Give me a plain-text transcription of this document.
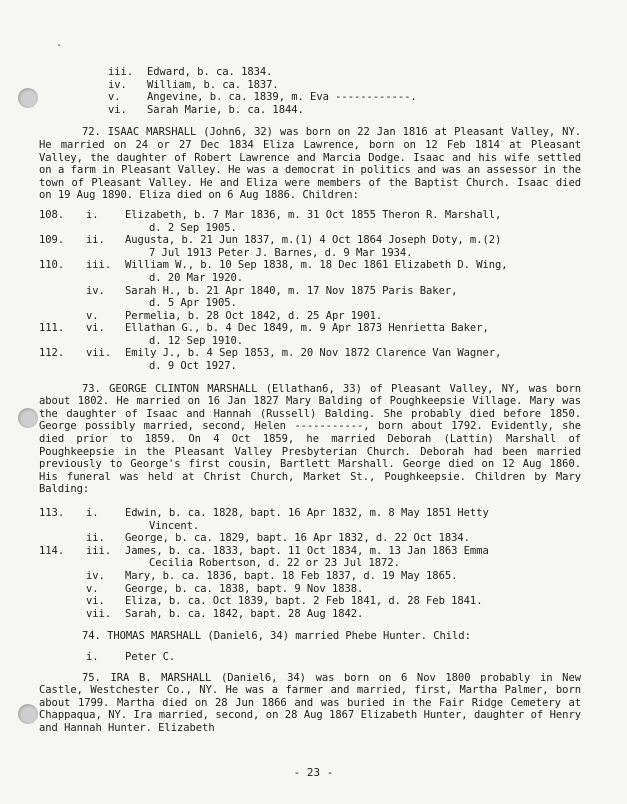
iii.	Edward, b. ca. 1834.
iv.	William, b. ca. 1837.
v.	Angevine, b. ca. 1839, m. Eva ------------.
vi.	Sarah Marie, b. ca. 1844.

72. ISAAC MARSHALL (John6, 32) was born on 22 Jan 1816 at Pleasant Valley, NY. He married on 24 or 27 Dec 1834 Eliza Lawrence, born on 12 Feb 1814 at Pleasant Valley, the daughter of Robert Lawrence and Marcia Dodge. Isaac and his wife settled on a farm in Pleasant Valley. He was a democrat in politics and was an assessor in the town of Pleasant Valley. He and Eliza were members of the Baptist Church. Isaac died on 19 Aug 1890. Eliza died on 6 Aug 1886. Children:

108.	i.	Elizabeth, b. 7 Mar 1836, m. 31 Oct 1855 Theron R. Marshall,
d. 2 Sep 1905.
109.	ii.	Augusta, b. 21 Jun 1837, m.(1) 4 Oct 1864 Joseph Doty, m.(2)
7 Jul 1913 Peter J. Barnes, d. 9 Mar 1934.
110.	iii.	William W., b. 10 Sep 1838, m. 18 Dec 1861 Elizabeth D. Wing,
d. 20 Mar 1920.
iv.	Sarah H., b. 21 Apr 1840, m. 17 Nov 1875 Paris Baker,
d. 5 Apr 1905.
v.	Permelia, b. 28 Oct 1842, d. 25 Apr 1901.
111.	vi.	Ellathan G., b. 4 Dec 1849, m. 9 Apr 1873 Henrietta Baker,
d. 12 Sep 1910.
112.	vii.	Emily J., b. 4 Sep 1853, m. 20 Nov 1872 Clarence Van Wagner,
d. 9 Oct 1927.

73. GEORGE CLINTON MARSHALL (Ellathan6, 33) of Pleasant Valley, NY, was born about 1802. He married on 16 Jan 1827 Mary Balding of Poughkeepsie Village. Mary was the daughter of Isaac and Hannah (Russell) Balding. She probably died before 1850. George possibly married, second, Helen -----------, born about 1792. Evidently, she died prior to 1859. On 4 Oct 1859, he married Deborah (Lattin) Marshall of Poughkeepsie in the Pleasant Valley Presbyterian Church. Deborah had been married previously to George's first cousin, Bartlett Marshall. George died on 12 Aug 1860. His funeral was held at Christ Church, Market St., Poughkeepsie. Children by Mary Balding:

113.	i.	Edwin, b. ca. 1828, bapt. 16 Apr 1832, m. 8 May 1851 Hetty
Vincent.
ii.	George, b. ca. 1829, bapt. 16 Apr 1832, d. 22 Oct 1834.
114.	iii.	James, b. ca. 1833, bapt. 11 Oct 1834, m. 13 Jan 1863 Emma
Cecilia Robertson, d. 22 or 23 Jul 1872.
iv.	Mary, b. ca. 1836, bapt. 18 Feb 1837, d. 19 May 1865.
v.	George, b. ca. 1838, bapt. 9 Nov 1838.
vi.	Eliza, b. ca. Oct 1839, bapt. 2 Feb 1841, d. 28 Feb 1841.
vii.	Sarah, b. ca. 1842, bapt. 28 Aug 1842.

74. THOMAS MARSHALL (Daniel6, 34) married Phebe Hunter. Child:

i.	Peter C.

75. IRA B. MARSHALL (Daniel6, 34) was born on 6 Nov 1800 probably in New Castle, Westchester Co., NY. He was a farmer and married, first, Martha Palmer, born about 1799. Martha died on 28 Jun 1866 and was buried in the Fair Ridge Cemetery at Chappaqua, NY. Ira married, second, on 28 Aug 1867 Elizabeth Hunter, daughter of Henry and Hannah Hunter. Elizabeth

- 23 -
